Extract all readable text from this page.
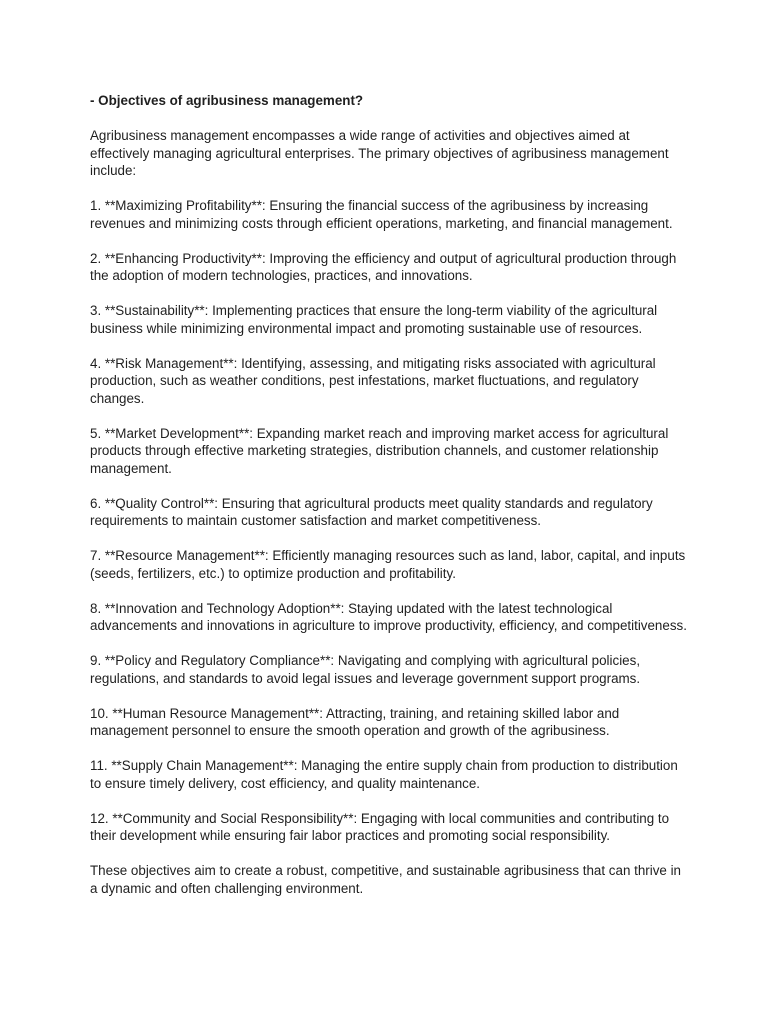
- Objectives of agribusiness management?

Agribusiness management encompasses a wide range of activities and objectives aimed at effectively managing agricultural enterprises. The primary objectives of agribusiness management include:

1. **Maximizing Profitability**: Ensuring the financial success of the agribusiness by increasing revenues and minimizing costs through efficient operations, marketing, and financial management.
2. **Enhancing Productivity**: Improving the efficiency and output of agricultural production through the adoption of modern technologies, practices, and innovations.
3. **Sustainability**: Implementing practices that ensure the long-term viability of the agricultural business while minimizing environmental impact and promoting sustainable use of resources.
4. **Risk Management**: Identifying, assessing, and mitigating risks associated with agricultural production, such as weather conditions, pest infestations, market fluctuations, and regulatory changes.
5. **Market Development**: Expanding market reach and improving market access for agricultural products through effective marketing strategies, distribution channels, and customer relationship management.
6. **Quality Control**: Ensuring that agricultural products meet quality standards and regulatory requirements to maintain customer satisfaction and market competitiveness.
7. **Resource Management**: Efficiently managing resources such as land, labor, capital, and inputs (seeds, fertilizers, etc.) to optimize production and profitability.
8. **Innovation and Technology Adoption**: Staying updated with the latest technological advancements and innovations in agriculture to improve productivity, efficiency, and competitiveness.
9. **Policy and Regulatory Compliance**: Navigating and complying with agricultural policies, regulations, and standards to avoid legal issues and leverage government support programs.
10. **Human Resource Management**: Attracting, training, and retaining skilled labor and management personnel to ensure the smooth operation and growth of the agribusiness.
11. **Supply Chain Management**: Managing the entire supply chain from production to distribution to ensure timely delivery, cost efficiency, and quality maintenance.
12. **Community and Social Responsibility**: Engaging with local communities and contributing to their development while ensuring fair labor practices and promoting social responsibility.

These objectives aim to create a robust, competitive, and sustainable agribusiness that can thrive in a dynamic and often challenging environment.
